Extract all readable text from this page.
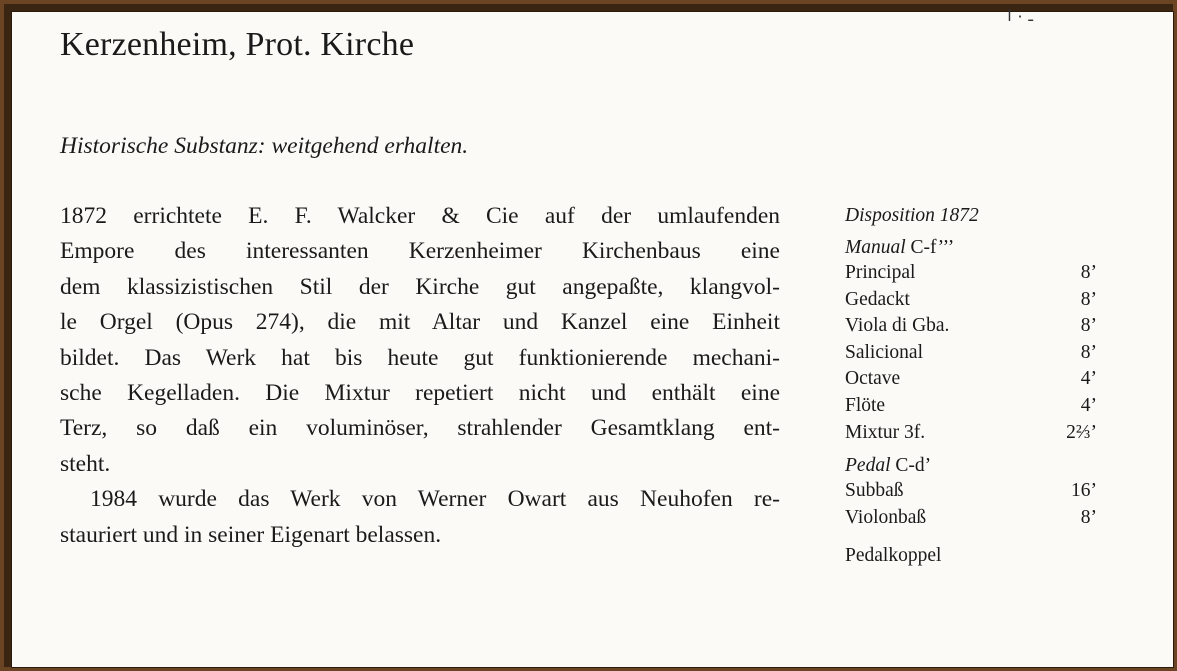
ـ ۰ ا
Kerzenheim, Prot. Kirche
Historische Substanz: weitgehend erhalten.
1872 errichtete E. F. Walcker & Cie auf der umlaufenden
Empore des interessanten Kerzenheimer Kirchenbaus eine
dem klassizistischen Stil der Kirche gut angepaßte, klangvol-
le Orgel (Opus 274), die mit Altar und Kanzel eine Einheit
bildet. Das Werk hat bis heute gut funktionierende mechani-
sche Kegelladen. Die Mixtur repetiert nicht und enthält eine
Terz, so daß ein voluminöser, strahlender Gesamtklang ent-
steht.
1984 wurde das Werk von Werner Owart aus Neuhofen re-
stauriert und in seiner Eigenart belassen.
Disposition 1872
Manual C-f’’’
Principal	8’
Gedackt	8’
Viola di Gba.	8’
Salicional	8’
Octave	4’
Flöte	4’
Mixtur 3f.	2⅔’
Pedal C-d’
Subbaß	16’
Violonbaß	8’
Pedalkoppel
